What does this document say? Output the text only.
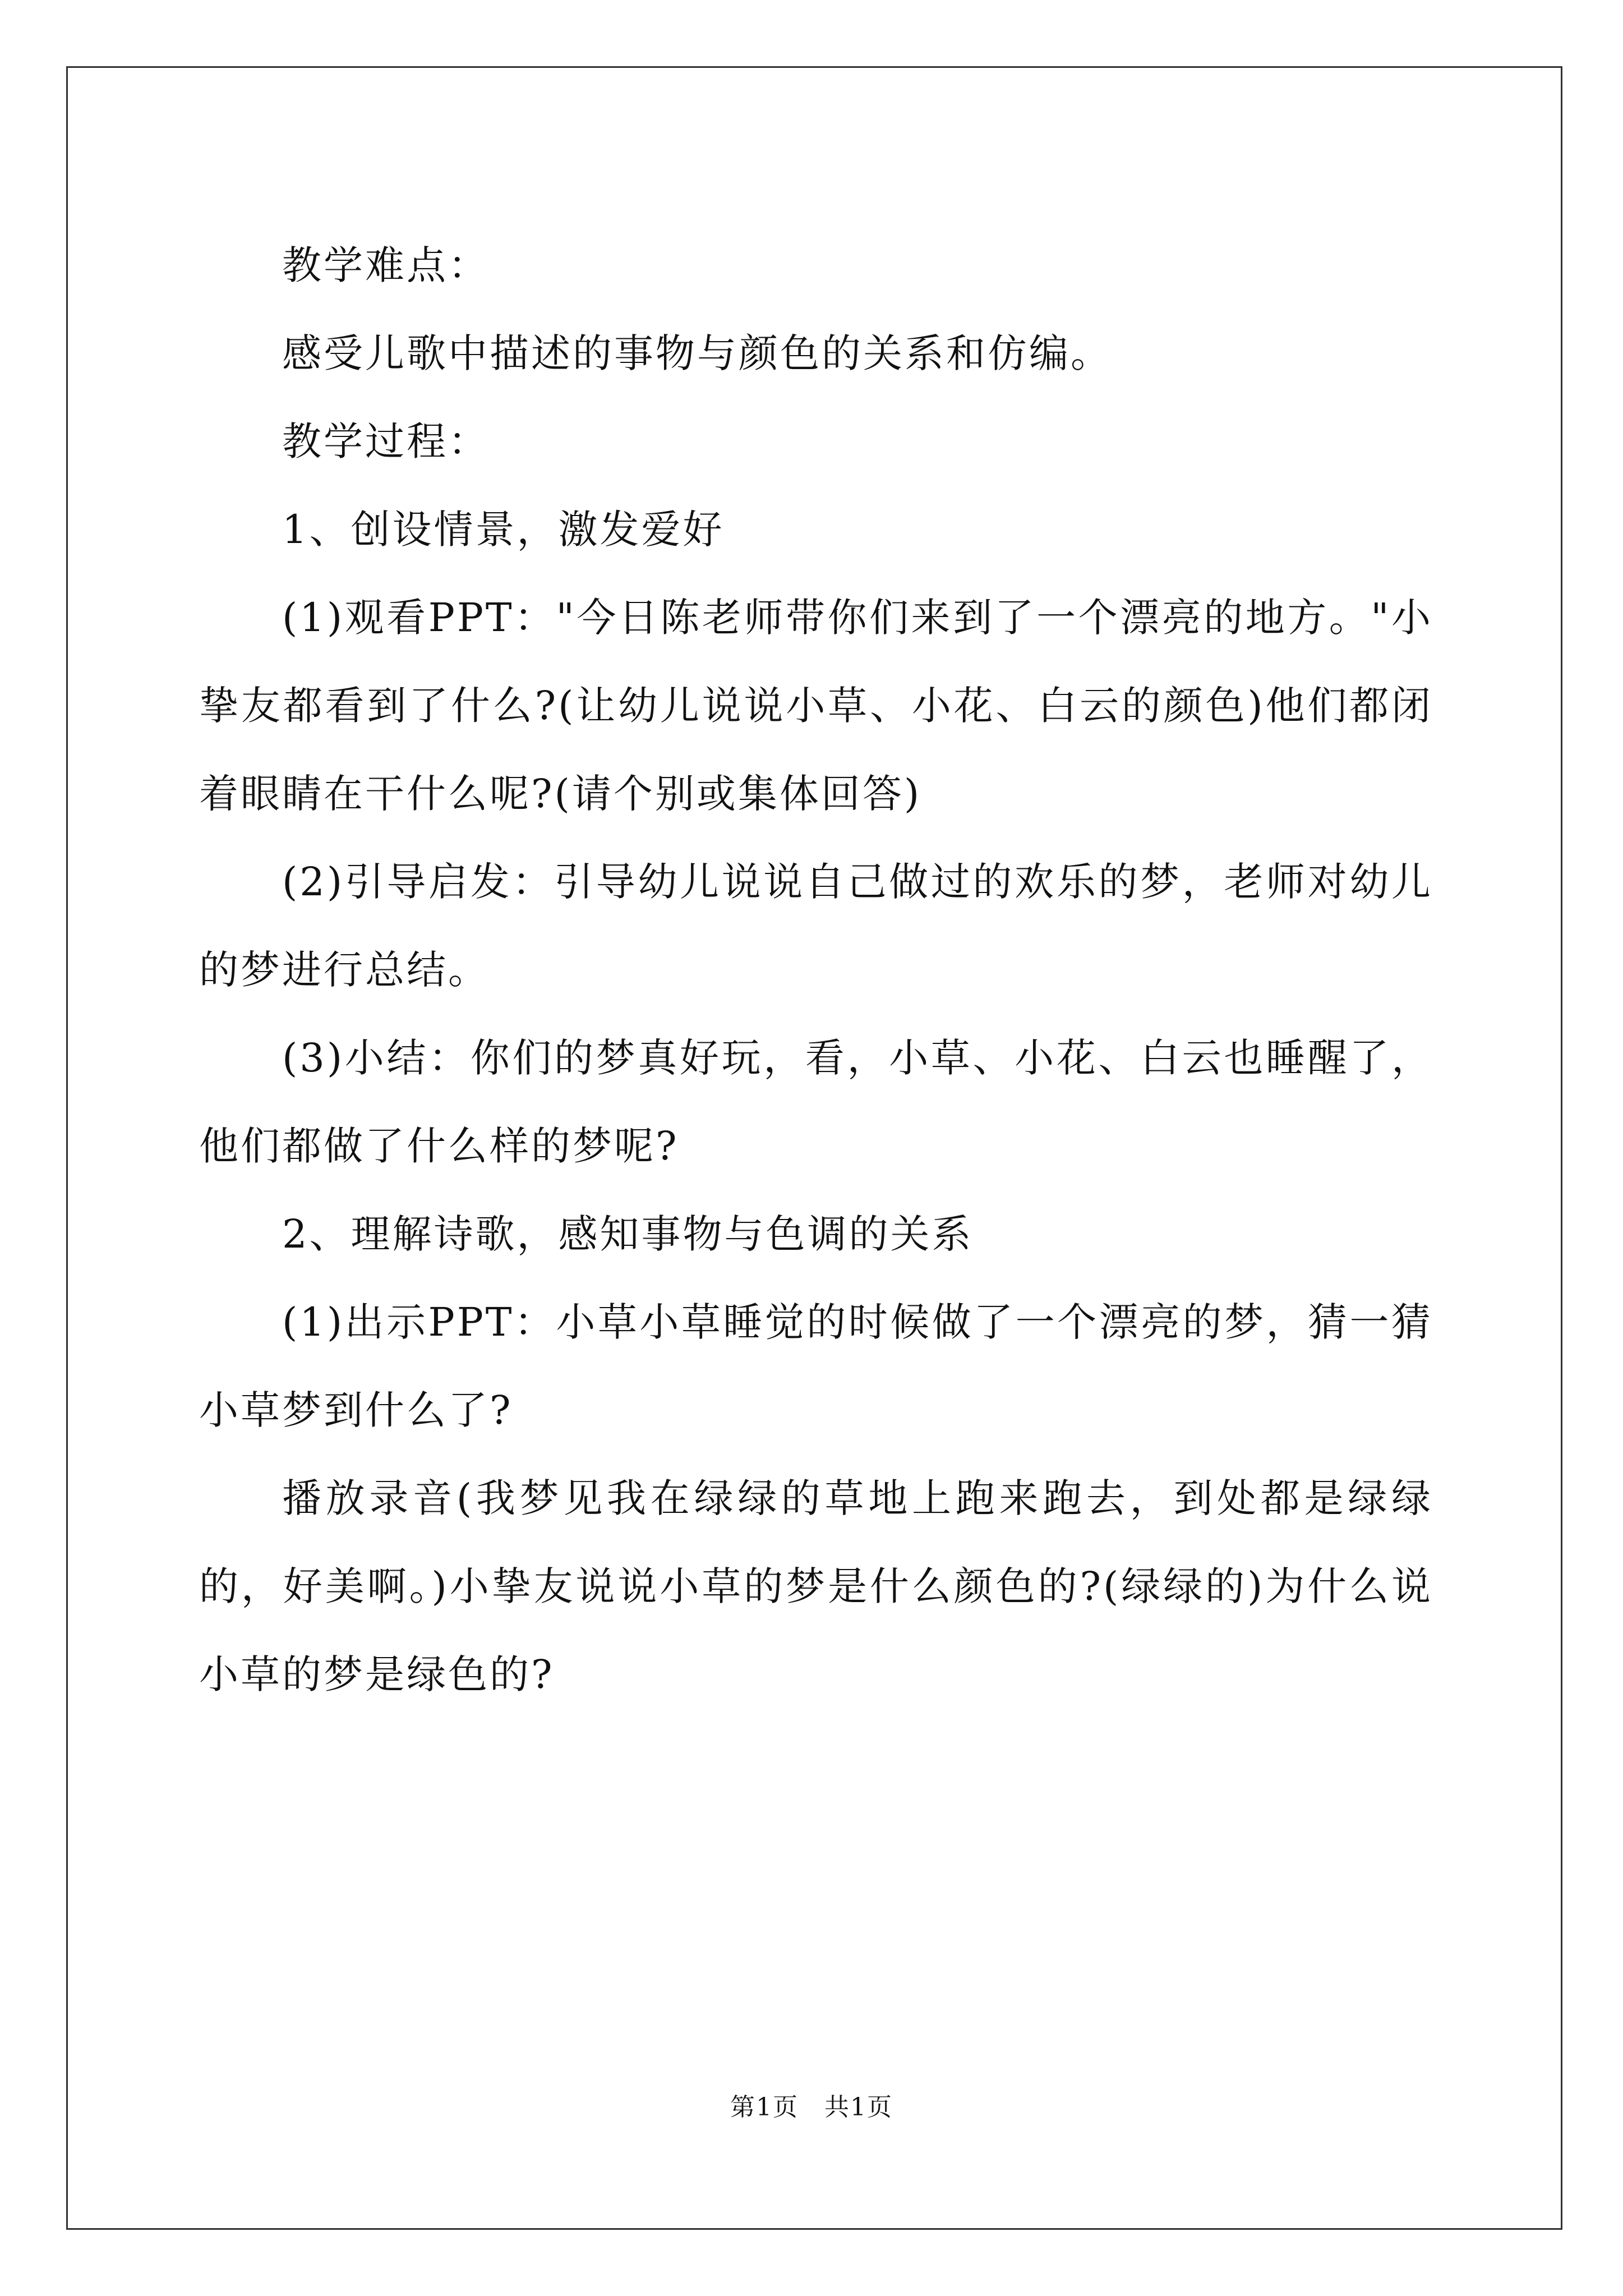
教学难点：

感受儿歌中描述的事物与颜色的关系和仿编。

教学过程：

1、创设情景，激发爱好

(1)观看PPT："今日陈老师带你们来到了一个漂亮的地方。"小挚友都看到了什么?(让幼儿说说小草、小花、白云的颜色)他们都闭着眼睛在干什么呢?(请个别或集体回答)

(2)引导启发：引导幼儿说说自己做过的欢乐的梦，老师对幼儿的梦进行总结。

(3)小结：你们的梦真好玩，看，小草、小花、白云也睡醒了，他们都做了什么样的梦呢?

2、理解诗歌，感知事物与色调的关系

(1)出示PPT：小草小草睡觉的时候做了一个漂亮的梦，猜一猜小草梦到什么了?

播放录音(我梦见我在绿绿的草地上跑来跑去，到处都是绿绿的，好美啊。)小挚友说说小草的梦是什么颜色的?(绿绿的)为什么说小草的梦是绿色的?

第1页　共1页
